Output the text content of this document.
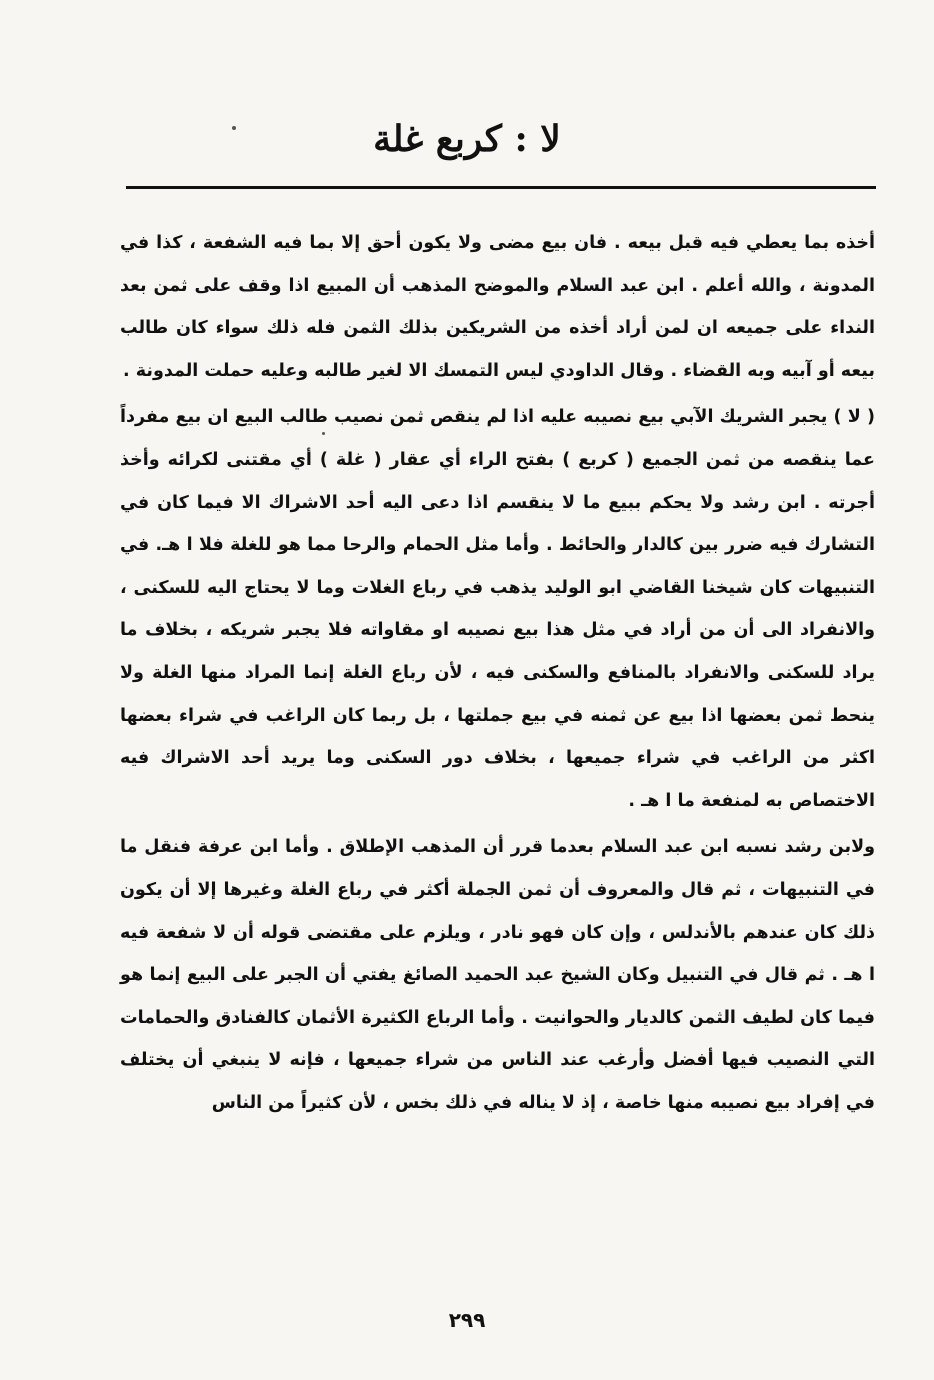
لا : كربع غلة

أخذه بما يعطي فيه قبل بيعه . فان بيع مضى ولا يكون أحق إلا بما فيه الشفعة ، كذا في المدونة ، والله أعلم . ابن عبد السلام والموضح المذهب أن المبيع اذا وقف على ثمن بعد النداء على جميعه ان لمن أراد أخذه من الشريكين بذلك الثمن فله ذلك سواء كان طالب بيعه أو آبيه وبه القضاء . وقال الداودي ليس التمسك الا لغير طالبه وعليه حملت المدونة .

( لا ) يجبر الشريك الآبي بيع نصيبه عليه اذا لم ينقص ثمن نصيب طالب البيع ان بيع مفرداً عما ينقصه من ثمن الجميع ( كربع ) بفتح الراء أي عقار ( غلة ) أي مقتنى لكرائه وأخذ أجرته . ابن رشد ولا يحكم ببيع ما لا ينقسم اذا دعى اليه أحد الاشراك الا فيما كان في التشارك فيه ضرر بين كالدار والحائط . وأما مثل الحمام والرحا مما هو للغلة فلا ا هـ. في التنبيهات كان شيخنا القاضي ابو الوليد يذهب في رباع الغلات وما لا يحتاج اليه للسكنى ، والانفراد الى أن من أراد في مثل هذا بيع نصيبه او مقاواته فلا يجبر شريكه ، بخلاف ما يراد للسكنى والانفراد بالمنافع والسكنى فيه ، لأن رباع الغلة إنما المراد منها الغلة ولا ينحط ثمن بعضها اذا بيع عن ثمنه في بيع جملتها ، بل ربما كان الراغب في شراء بعضها اكثر من الراغب في شراء جميعها ، بخلاف دور السكنى وما يريد أحد الاشراك فيه الاختصاص به لمنفعة ما ا هـ .

ولابن رشد نسبه ابن عبد السلام بعدما قرر أن المذهب الإطلاق . وأما ابن عرفة فنقل ما في التنبيهات ، ثم قال والمعروف أن ثمن الجملة أكثر في رباع الغلة وغيرها إلا أن يكون ذلك كان عندهم بالأندلس ، وإن كان فهو نادر ، ويلزم على مقتضى قوله أن لا شفعة فيه ا هـ . ثم قال في التنبيل وكان الشيخ عبد الحميد الصائغ يفتي أن الجبر على البيع إنما هو فيما كان لطيف الثمن كالديار والحوانيت . وأما الرباع الكثيرة الأثمان كالفنادق والحمامات التي النصيب فيها أفضل وأرغب عند الناس من شراء جميعها ، فإنه لا ينبغي أن يختلف في إفراد بيع نصيبه منها خاصة ، إذ لا يناله في ذلك بخس ، لأن كثيراً من الناس

٢٩٩
